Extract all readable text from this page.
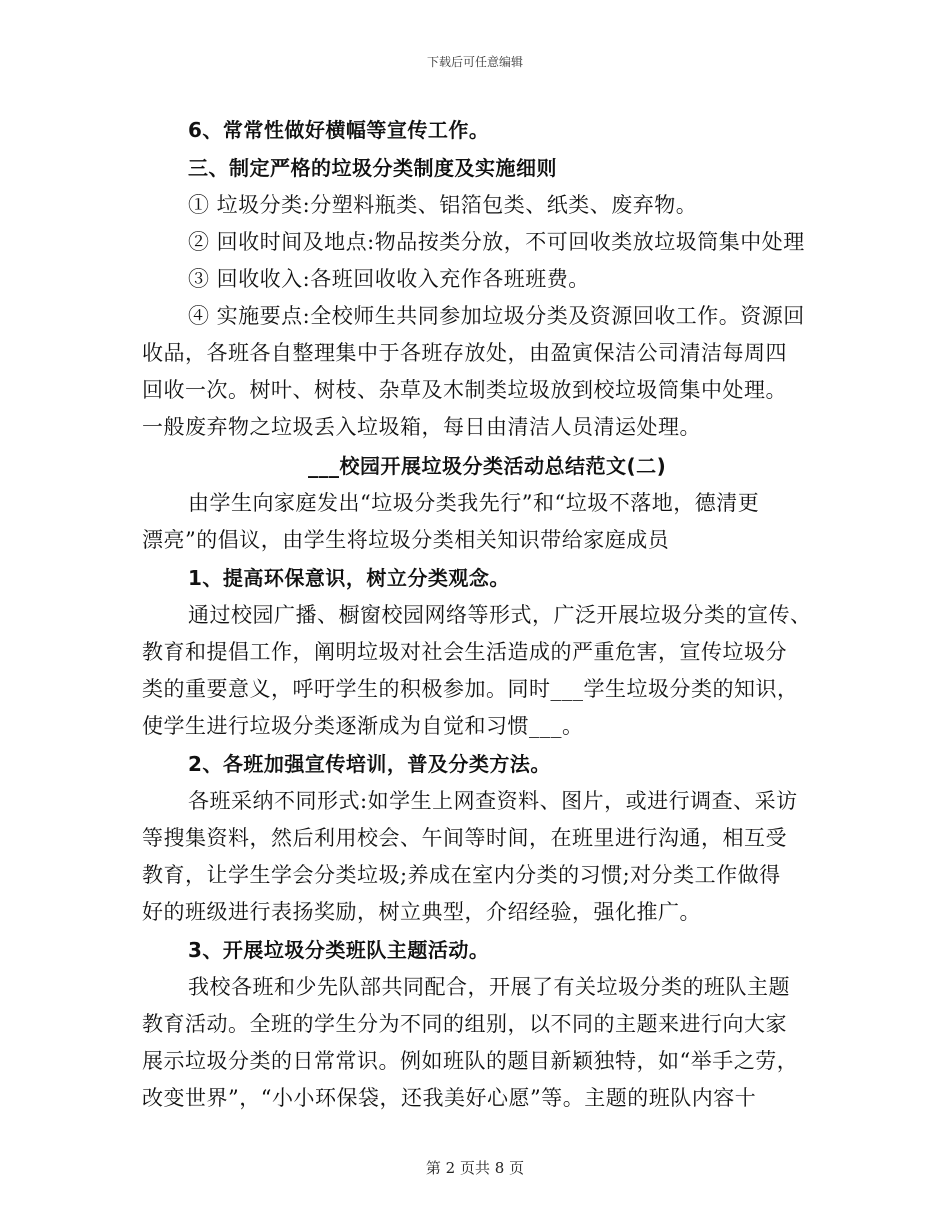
下载后可任意编辑
6、常常性做好横幅等宣传工作。
三、制定严格的垃圾分类制度及实施细则
① 垃圾分类:分塑料瓶类、铝箔包类、纸类、废弃物。
② 回收时间及地点:物品按类分放，不可回收类放垃圾筒集中处理
③ 回收收入:各班回收收入充作各班班费。
④ 实施要点:全校师生共同参加垃圾分类及资源回收工作。资源回
收品，各班各自整理集中于各班存放处，由盈寅保洁公司清洁每周四
回收一次。树叶、树枝、杂草及木制类垃圾放到校垃圾筒集中处理。
一般废弃物之垃圾丢入垃圾箱，每日由清洁人员清运处理。
___校园开展垃圾分类活动总结范文(二)
由学生向家庭发出“垃圾分类我先行”和“垃圾不落地，德清更
漂亮”的倡议，由学生将垃圾分类相关知识带给家庭成员
1、提高环保意识，树立分类观念。
通过校园广播、橱窗校园网络等形式，广泛开展垃圾分类的宣传、
教育和提倡工作，阐明垃圾对社会生活造成的严重危害，宣传垃圾分
类的重要意义，呼吁学生的积极参加。同时___学生垃圾分类的知识，
使学生进行垃圾分类逐渐成为自觉和习惯___。
2、各班加强宣传培训，普及分类方法。
各班采纳不同形式:如学生上网查资料、图片，或进行调查、采访
等搜集资料，然后利用校会、午间等时间，在班里进行沟通，相互受
教育，让学生学会分类垃圾;养成在室内分类的习惯;对分类工作做得
好的班级进行表扬奖励，树立典型，介绍经验，强化推广。
3、开展垃圾分类班队主题活动。
我校各班和少先队部共同配合，开展了有关垃圾分类的班队主题
教育活动。全班的学生分为不同的组别，以不同的主题来进行向大家
展示垃圾分类的日常常识。例如班队的题目新颖独特，如“举手之劳，
改变世界”，“小小环保袋，还我美好心愿”等。主题的班队内容十
第 2 页共 8 页
